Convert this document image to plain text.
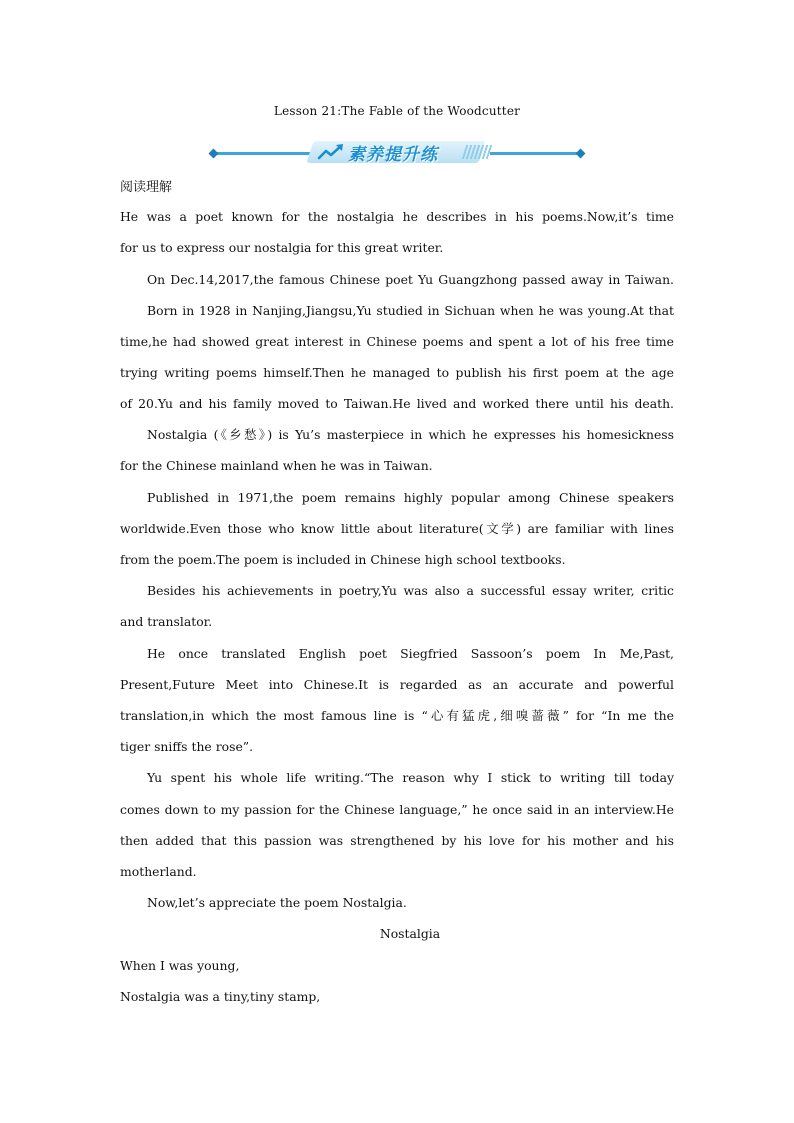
Lesson 21:The Fable of the Woodcutter
素养提升练
阅读理解
He was a poet known for the nostalgia he describes in his poems.Now,it’s time
for us to express our nostalgia for this great writer.
On Dec.14,2017,the famous Chinese poet Yu Guangzhong passed away in Taiwan.
Born in 1928 in Nanjing,Jiangsu,Yu studied in Sichuan when he was young.At that
time,he had showed great interest in Chinese poems and spent a lot of his free time
trying writing poems himself.Then he managed to publish his first poem at the age
of 20.Yu and his family moved to Taiwan.He lived and worked there until his death.
Nostalgia (《乡愁》) is Yu’s masterpiece in which he expresses his homesickness
for the Chinese mainland when he was in Taiwan.
Published in 1971,the poem remains highly popular among Chinese speakers
worldwide.Even those who know little about literature(文学) are familiar with lines
from the poem.The poem is included in Chinese high school textbooks.
Besides his achievements in poetry,Yu was also a successful essay writer, critic
and translator.
He once translated English poet Siegfried Sassoon’s poem In Me,Past,
Present,Future Meet into Chinese.It is regarded as an accurate and powerful
translation,in which the most famous line is “心有猛虎,细嗅蔷薇” for “In me the
tiger sniffs the rose”.
Yu spent his whole life writing.“The reason why I stick to writing till today
comes down to my passion for the Chinese language,” he once said in an interview.He
then added that this passion was strengthened by his love for his mother and his
motherland.
Now,let’s appreciate the poem Nostalgia.
Nostalgia
When I was young,
Nostalgia was a tiny,tiny stamp,
